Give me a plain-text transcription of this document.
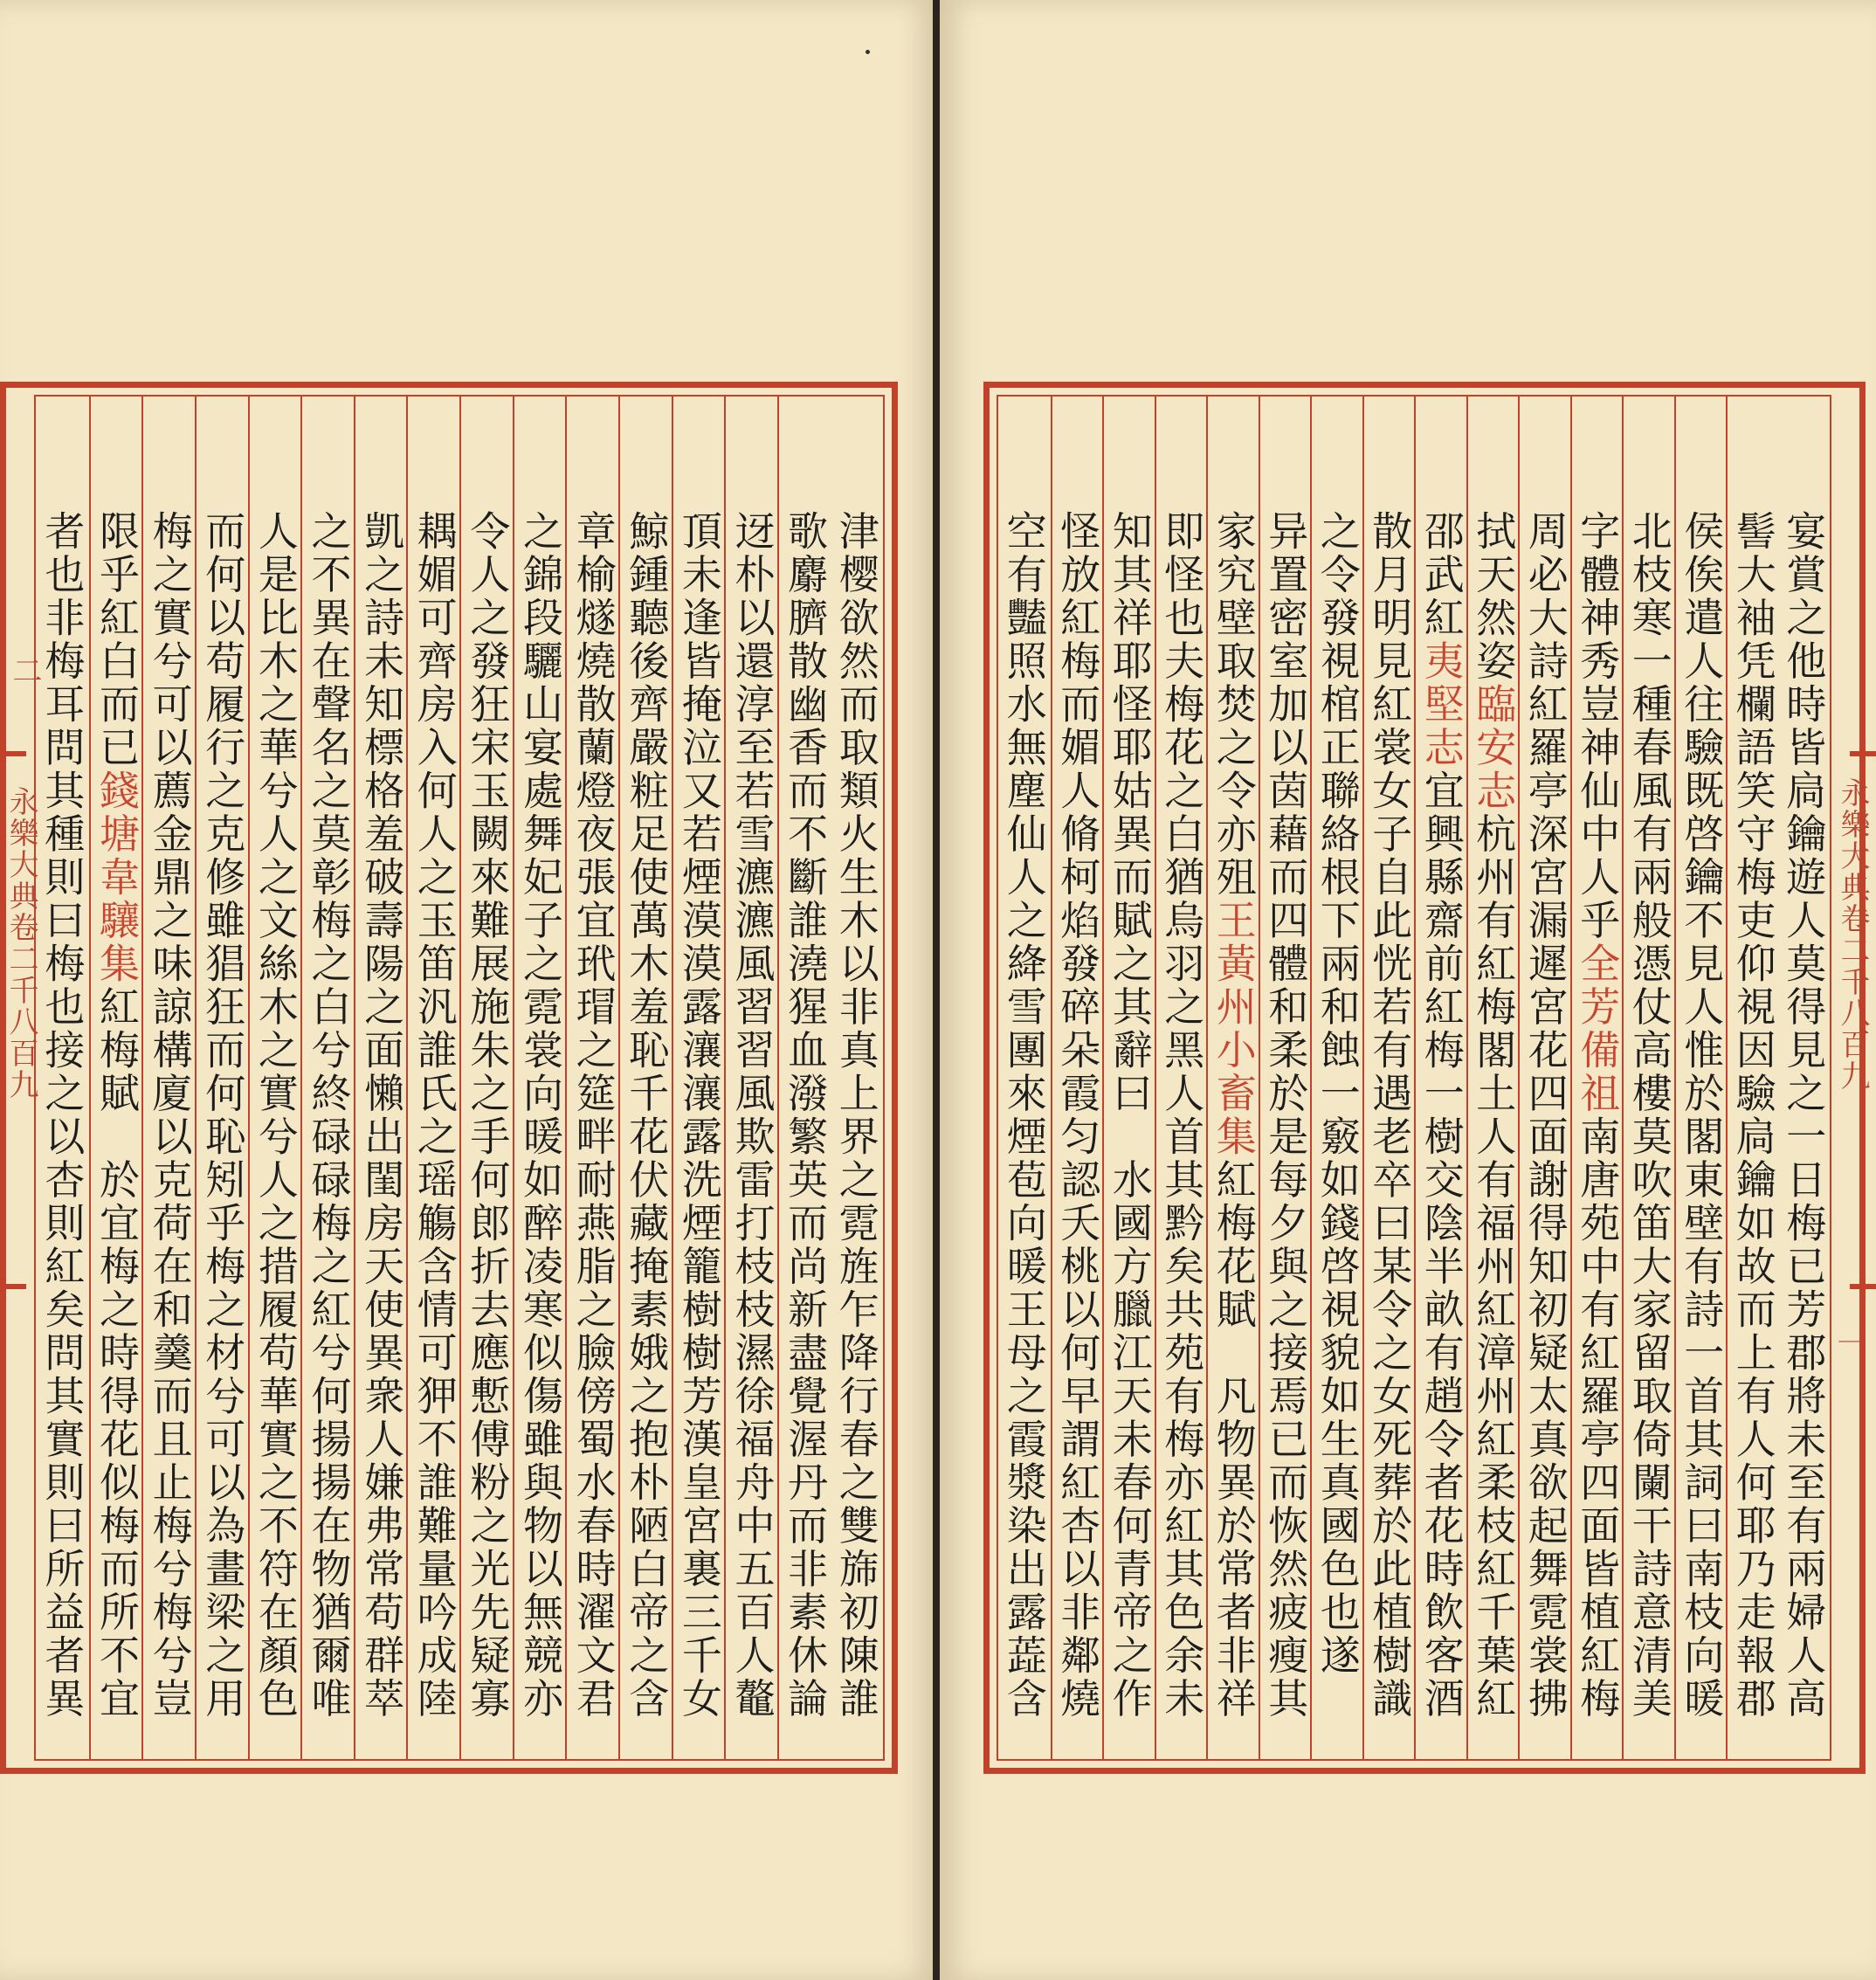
津樱欲然而取類火生木以非真上界之霓旌乍降行春之雙旆初陳誰
歌麝臍散幽香而不斷誰澆猩血潑繁英而尚新盡覺渥丹而非素休論
迓朴以還淳至若雪瀌瀌風習習風欺雷打枝枝濕徐福舟中五百人鼇
頂未逢皆掩泣又若煙漠漠露瀼瀼露洗煙籠樹樹芳漢皇宮裏三千女
鯨鍾聽後齊嚴粧足使萬木羞恥千花伏藏掩素娥之抱朴陋白帝之含
章榆燧燒散蘭燈夜張宜玳瑁之筵畔耐燕脂之臉傍蜀水春時濯文君
之錦段驪山宴處舞妃子之霓裳向暖如醉凌寒似傷雖與物以無競亦
令人之發狂宋玉闕來難展施朱之手何郎折去應慙傅粉之光先疑寡
耦媚可齊房入何人之玉笛汎誰氏之瑶觴含情可狎不誰難量吟成陸
凱之詩未知標格羞破壽陽之面懶出閨房天使異衆人嫌弗常苟群萃
之不異在聲名之莫彰梅之白兮終碌碌梅之紅兮何揚揚在物猶爾唯
人是比木之華兮人之文絲木之實兮人之措履苟華實之不符在顏色
而何以苟履行之克修雖猖狂而何恥矧乎梅之材兮可以為畫梁之用
梅之實兮可以薦金鼎之味諒構廈以克荷在和羹而且止梅兮梅兮豈
限乎紅白而已錢塘韋驤集紅梅賦　於宜梅之時得花似梅而所不宜
者也非梅耳問其種則曰梅也接之以杏則紅矣問其實則曰所益者異
二
永樂大典卷二千八百九	宴賞之他時皆扃鑰遊人莫得見之一日梅已芳郡將未至有兩婦人高
髻大袖凭欄語笑守梅吏仰視因驗扃鑰如故而上有人何耶乃走報郡
侯俟遣人往驗既啓鑰不見人惟於閣東壁有詩一首其詞曰南枝向暖
北枝寒一種春風有兩般憑仗高樓莫吹笛大家留取倚闌干詩意清美
字體神秀豈神仙中人乎全芳備祖南唐苑中有紅羅亭四面皆植紅梅
周必大詩紅羅亭深宮漏遲宮花四面謝得知初疑太真欲起舞霓裳拂
拭天然姿臨安志杭州有紅梅閣土人有福州紅漳州紅柔枝紅千葉紅
邵武紅夷堅志宜興縣齋前紅梅一樹交陰半畝有趙令者花時飲客酒
散月明見紅裳女子自此恍若有遇老卒曰某令之女死葬於此植樹識
之令發視棺正聯絡根下兩和蝕一竅如錢啓視貌如生真國色也遂
异置密室加以茵藉而四體和柔於是每夕與之接焉已而恢然疲瘦其
家究壁取焚之令亦殂王黃州小畜集紅梅花賦　凡物異於常者非祥
即怪也夫梅花之白猶烏羽之黑人首其黔矣共苑有梅亦紅其色余未
知其祥耶怪耶姑異而賦之其辭曰　水國方臘江天未春何青帝之作
怪放紅梅而媚人脩柯焰發碎朵霞匀認夭桃以何早謂紅杏以非鄰燒
空有豔照水無塵仙人之絳雪團來煙苞向暖王母之霞漿染出露蕋含	永樂大典卷二千八百九
一
